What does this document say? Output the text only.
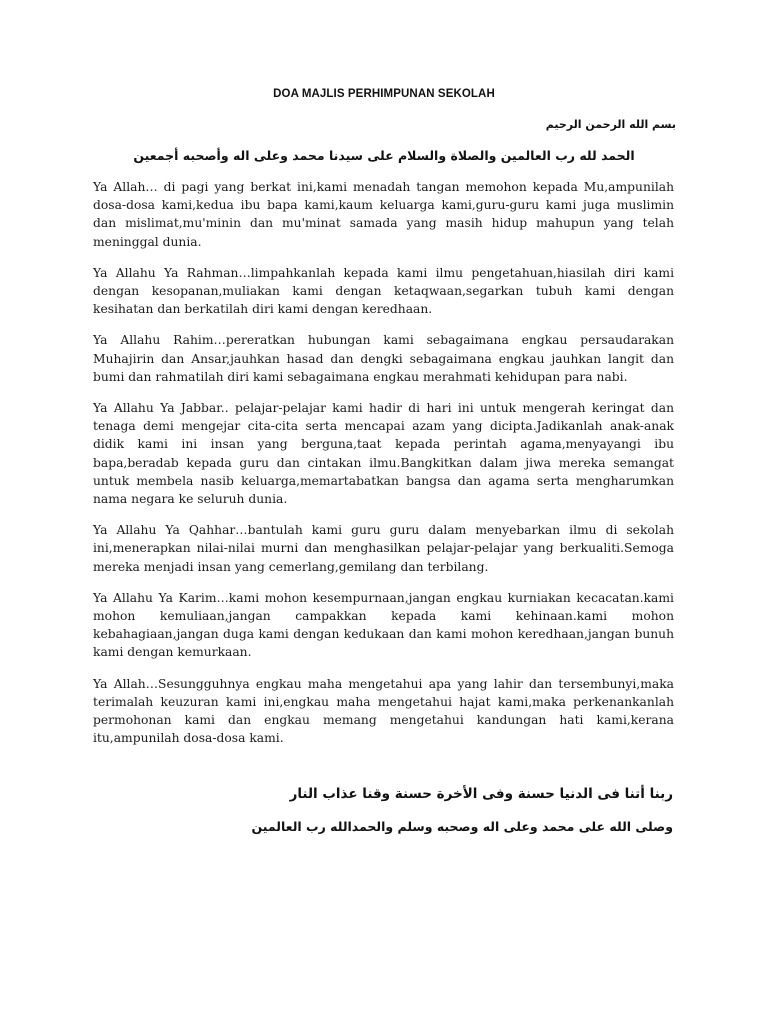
DOA MAJLIS PERHIMPUNAN SEKOLAH
بسم الله الرحمن الرحيم
الحمد لله رب العالمين والصلاة والسلام على سيدنا محمد وعلى اله وأصحبه أجمعين

Ya Allah… di pagi yang berkat ini,kami menadah tangan memohon kepada Mu,ampunilah dosa-dosa kami,kedua ibu bapa kami,kaum keluarga kami,guru-guru kami juga muslimin dan mislimat,mu'minin dan mu'minat samada yang masih hidup mahupun yang telah meninggal dunia.

Ya Allahu Ya Rahman…limpahkanlah kepada kami ilmu pengetahuan,hiasilah diri kami dengan kesopanan,muliakan kami dengan ketaqwaan,segarkan tubuh kami dengan kesihatan dan berkatilah diri kami dengan keredhaan.

Ya Allahu Rahim…pereratkan hubungan kami sebagaimana engkau persaudarakan Muhajirin dan Ansar,jauhkan hasad dan dengki sebagaimana engkau jauhkan langit dan bumi dan rahmatilah diri kami sebagaimana engkau merahmati kehidupan para nabi.

Ya Allahu Ya Jabbar.. pelajar-pelajar kami hadir di hari ini untuk mengerah keringat dan tenaga demi mengejar cita-cita serta mencapai azam yang dicipta.Jadikanlah anak-anak didik kami ini insan yang berguna,taat kepada perintah agama,menyayangi ibu bapa,beradab kepada guru dan cintakan ilmu.Bangkitkan dalam jiwa mereka semangat untuk membela nasib keluarga,memartabatkan bangsa dan agama serta mengharumkan nama negara ke seluruh dunia.

Ya Allahu Ya Qahhar…bantulah kami guru guru dalam menyebarkan ilmu di sekolah ini,menerapkan nilai-nilai murni dan menghasilkan pelajar-pelajar yang berkualiti.Semoga mereka menjadi insan yang cemerlang,gemilang dan terbilang.

Ya Allahu Ya Karim…kami mohon kesempurnaan,jangan engkau kurniakan kecacatan.kami mohon kemuliaan,jangan campakkan kepada kami kehinaan.kami mohon kebahagiaan,jangan duga kami dengan kedukaan dan kami mohon keredhaan,jangan bunuh kami dengan kemurkaan.

Ya Allah…Sesungguhnya engkau maha mengetahui apa yang lahir dan tersembunyi,maka terimalah keuzuran kami ini,engkau maha mengetahui hajat kami,maka perkenankanlah permohonan kami dan engkau memang mengetahui kandungan hati kami,kerana itu,ampunilah dosa-dosa kami.

ربنا أتنا فى الدنيا حسنة وفى الأخرة حسنة وقنا عذاب النار
وصلى الله على محمد وعلى اله وصحبه وسلم والحمدالله رب العالمين
